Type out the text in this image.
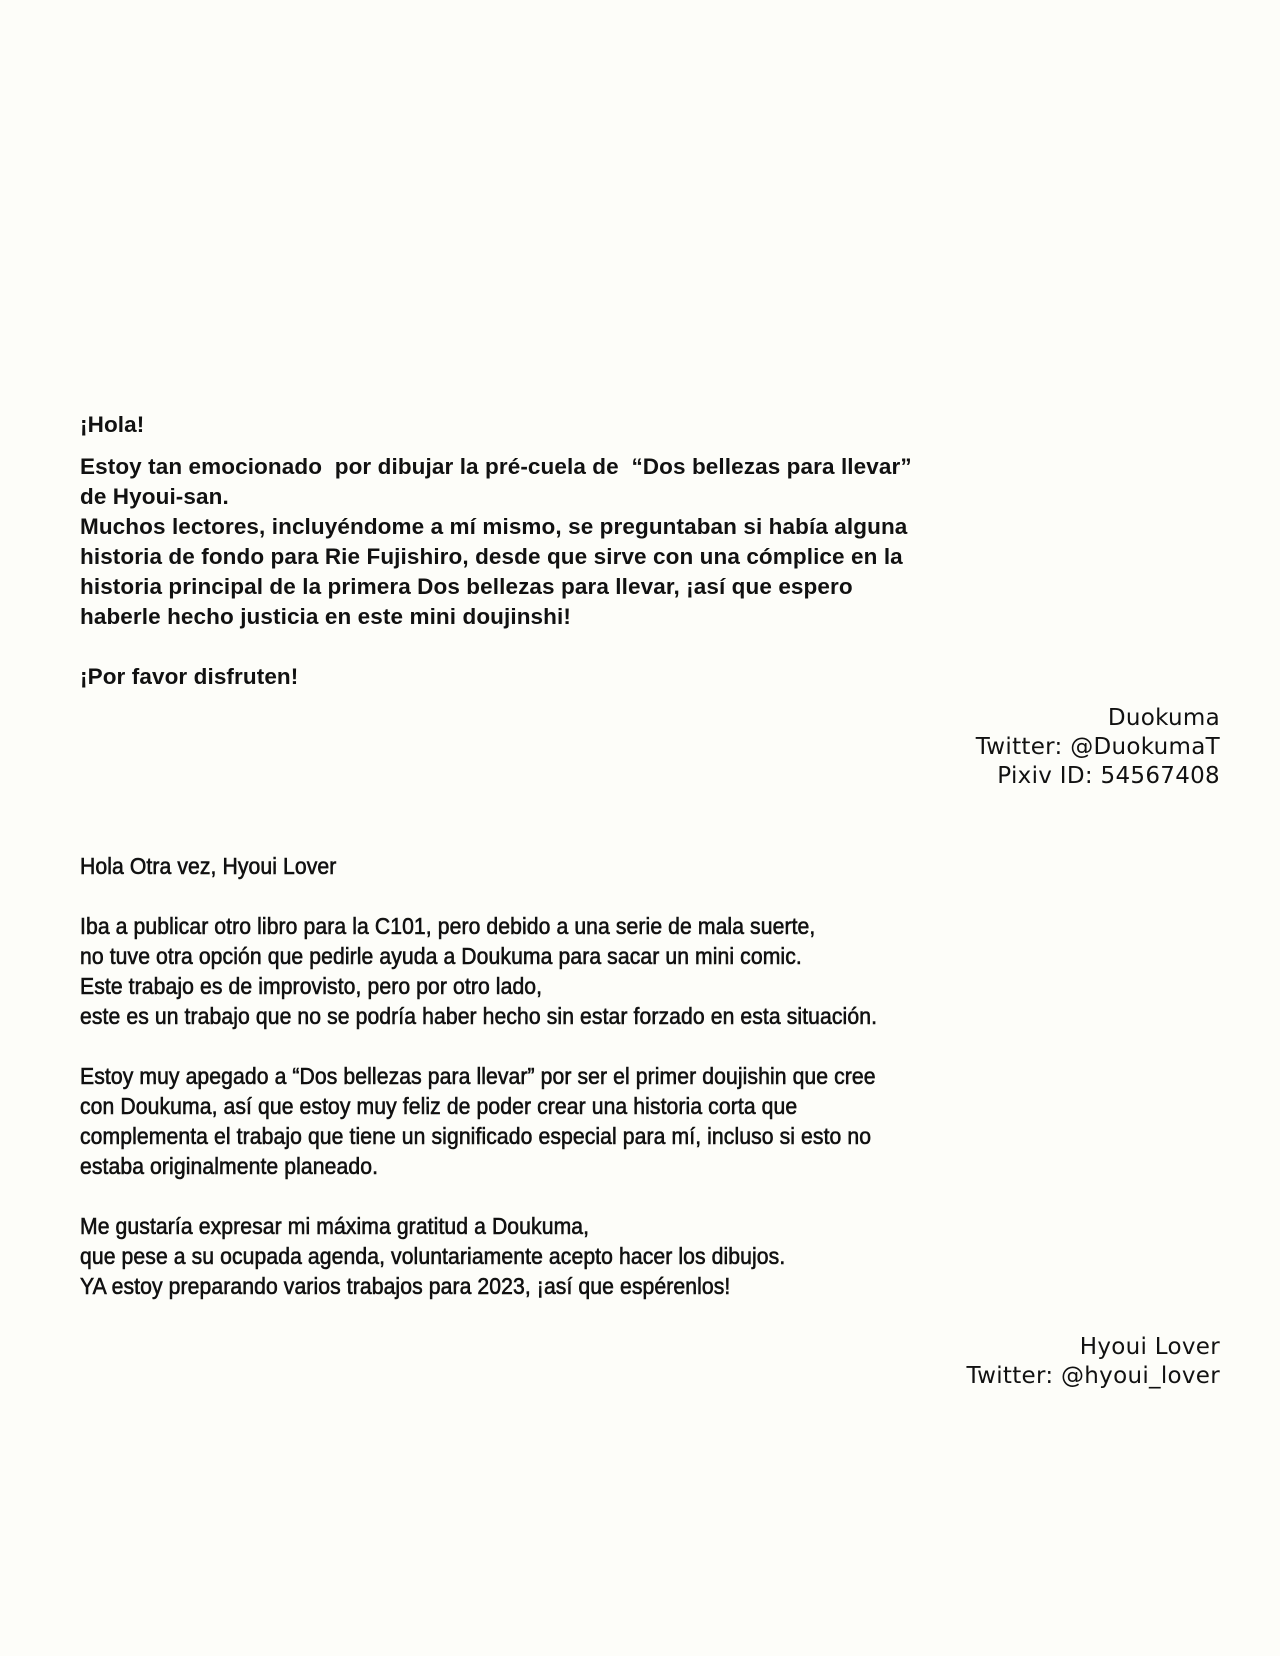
¡Hola!

Estoy tan emocionado  por dibujar la pré-cuela de  “Dos bellezas para llevar”
de Hyoui-san.
Muchos lectores, incluyéndome a mí mismo, se preguntaban si había alguna
historia de fondo para Rie Fujishiro, desde que sirve con una cómplice en la
historia principal de la primera Dos bellezas para llevar, ¡así que espero
haberle hecho justicia en este mini doujinshi!

¡Por favor disfruten!

Duokuma
Twitter: @DuokumaT
Pixiv ID: 54567408

Hola Otra vez, Hyoui Lover

Iba a publicar otro libro para la C101, pero debido a una serie de mala suerte,
no tuve otra opción que pedirle ayuda a Doukuma para sacar un mini comic.
Este trabajo es de improvisto, pero por otro lado,
este es un trabajo que no se podría haber hecho sin estar forzado en esta situación.

Estoy muy apegado a “Dos bellezas para llevar” por ser el primer doujishin que cree
con Doukuma, así que estoy muy feliz de poder crear una historia corta que
complementa el trabajo que tiene un significado especial para mí, incluso si esto no
estaba originalmente planeado.

Me gustaría expresar mi máxima gratitud a Doukuma,
que pese a su ocupada agenda, voluntariamente acepto hacer los dibujos.
YA estoy preparando varios trabajos para 2023, ¡así que espérenlos!

Hyoui Lover
Twitter: @hyoui_lover
